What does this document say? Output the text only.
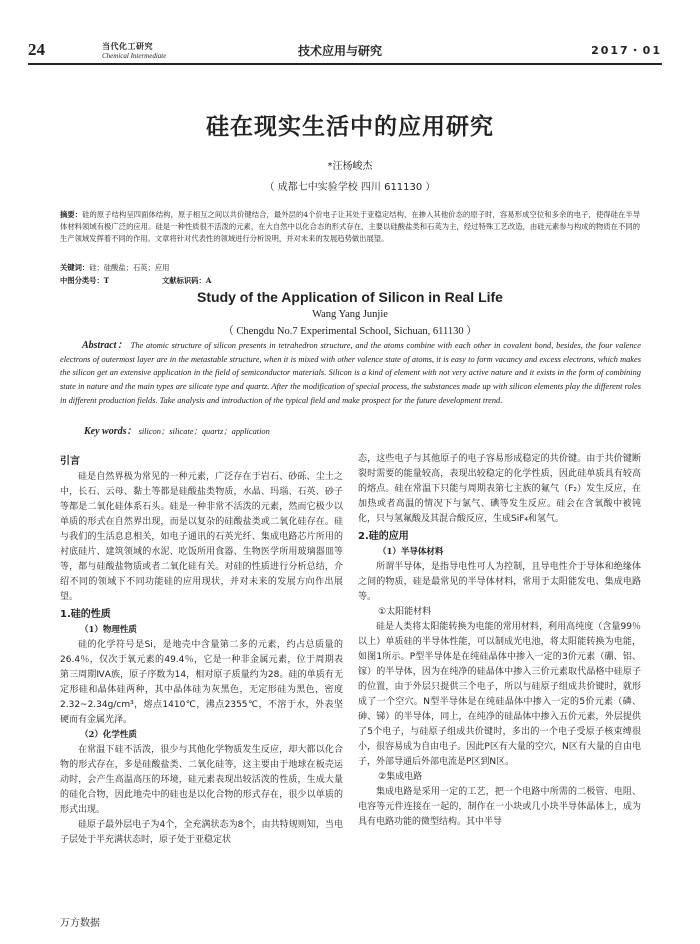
24	当代化工研究
Chemical Intermediate	技术应用与研究	2017・01
硅在现实生活中的应用研究
*汪杨峻杰
（ 成都七中实验学校 四川 611130 ）
摘要：硅的原子结构呈四面体结构，原子相互之间以共价键结合，最外层的4个价电子让其处于亚稳定结构，在掺入其他价态的原子时，容易形成空位和多余的电子，使得硅在半导体材料领域有极广泛的应用。硅是一种性质很不活泼的元素，在大自然中以化合态的形式存在，主要以硅酸盐类和石英为主，经过特殊工艺改造，由硅元素参与构成的物质在不同的生产领域发挥着不同的作用。文章将针对代表性的领域进行分析说明，并对未来的发展趋势做出展望。
关键词：硅；硅酸盐；石英；应用
中图分类号：T	文献标识码：A
Study of the Application of Silicon in Real Life
Wang Yang Junjie
（ Chengdu No.7 Experimental School, Sichuan, 611130 ）
Abstract： The atomic structure of silicon presents in tetrahedron structure, and the atoms combine with each other in covalent bond, besides, the four valence electrons of outermost layer are in the metastable structure, when it is mixed with other valence state of atoms, it is easy to form vacancy and excess electrons, which makes the silicon get an extensive application in the field of semiconductor materials. Silicon is a kind of element with not very active nature and it exists in the form of combining state in nature and the main types are silicate type and quartz. After the modification of special process, the substances made up with silicon elements play the different roles in different production fields. Take analysis and introduction of the typical field and make prospect for the future development trend.
Key words： silicon；silicate；quartz；application
引言

硅是自然界极为常见的一种元素，广泛存在于岩石、砂砾、尘土之中，长石、云母、黏土等都是硅酸盐类物质，水晶、玛瑙、石英、砂子等都是二氧化硅体系石头。硅是一种非常不活泼的元素，然而它极少以单质的形式在自然界出现，而是以复杂的硅酸盐类或二氧化硅存在。硅与我们的生活息息相关，如电子通讯的石英光纤、集成电路芯片所用的衬底硅片、建筑领域的水泥、吃饭所用食器、生物医学所用玻璃器皿等等，都与硅酸盐物质或者二氧化硅有关。对硅的性质进行分析总结，介绍不同的领域下不同功能硅的应用现状，并对未来的发展方向作出展望。

1.硅的性质
（1）物理性质

硅的化学符号是Si，是地壳中含量第二多的元素，约占总质量的26.4％，仅次于氧元素的49.4％，它是一种非金属元素，位于周期表第三周期ⅣA族，原子序数为14，相对原子质量约为28。硅的单质有无定形硅和晶体硅两种，其中晶体硅为灰黑色，无定形硅为黑色，密度2.32~2.34g/cm³，熔点1410℃，沸点2355℃，不溶于水，外表坚硬而有金属光泽。

（2）化学性质

在常温下硅不活泼，很少与其他化学物质发生反应，却大都以化合物的形式存在，多是硅酸盐类、二氧化硅等，这主要由于地球在板壳运动时，会产生高温高压的环境，硅元素表现出较活泼的性质，生成大量的硅化合物，因此地壳中的硅也是以化合物的形式存在，很少以单质的形式出现。

硅原子最外层电子为4个，全充满状态为8个，由共特规则知，当电子层处于半充满状态时，原子处于亚稳定状

态，这些电子与其他原子的电子容易形成稳定的共价键。由于共价键断裂时需要的能量较高，表现出较稳定的化学性质，因此硅单质具有较高的熔点。硅在常温下只能与周期表第七主族的氟气（F₂）发生反应，在加热或者高温的情况下与氯气、碘等发生反应。硅会在含氧酸中被钝化，只与氢氟酸及其混合酸反应，生成SiF₄和氢气。

2.硅的应用
（1）半导体材料

所谓半导体，是指导电性可人为控制，且导电性介于导体和绝缘体之间的物质，硅是最常见的半导体材料，常用于太阳能发电、集成电路等。

①太阳能材料

硅是人类将太阳能转换为电能的常用材料，利用高纯度（含量99％以上）单质硅的半导体性能，可以制成光电池，将太阳能转换为电能，如图1所示。P型半导体是在纯硅晶体中掺入一定的3价元素（硼、铝、镓）的半导体，因为在纯净的硅晶体中掺入三价元素取代晶格中硅原子的位置，由于外层只提供三个电子，所以与硅原子组成共价键时，就形成了一个空穴。N型半导体是在纯硅晶体中掺入一定的5价元素（磷、砷、锑）的半导体，同上，在纯净的硅晶体中掺入五价元素，外层提供了5个电子，与硅原子组成共价键时，多出的一个电子受原子核束缚很小，很容易成为自由电子。因此P区有大量的空穴，N区有大量的自由电子，外部导通后外部电流是P区到N区。

②集成电路

集成电路是采用一定的工艺，把一个电路中所需的二极管、电阻、电容等元件连接在一起的，制作在一小块或几小块半导体晶体上，成为具有电路功能的微型结构。其中半导

万方数据
